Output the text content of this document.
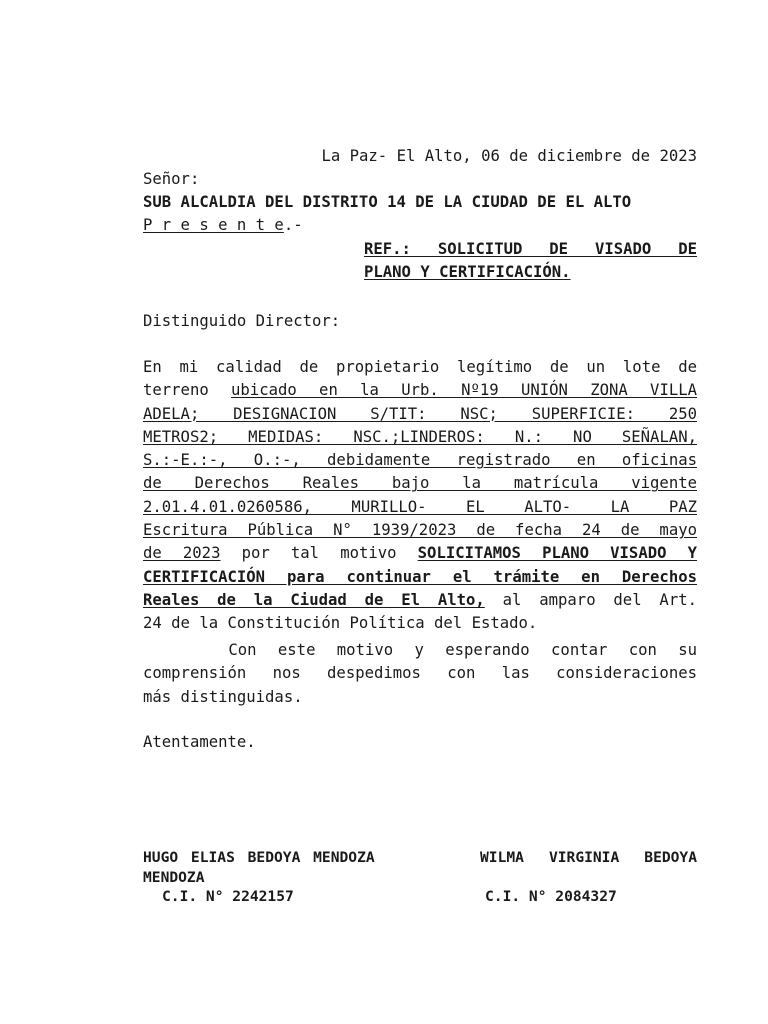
La Paz- El Alto, 06 de diciembre de 2023
Señor:
SUB ALCALDIA DEL DISTRITO 14 DE LA CIUDAD DE EL ALTO
P r e s e n t e.-
REF.: SOLICITUD DE VISADO DE
PLANO Y CERTIFICACIÓN.
Distinguido Director:
En mi calidad de propietario legítimo de un lote de
terreno ubicado en la Urb. Nº19 UNIÓN ZONA VILLA
ADELA; DESIGNACION S/TIT: NSC; SUPERFICIE: 250
METROS2; MEDIDAS: NSC.;LINDEROS: N.: NO SEÑALAN,
S.:-E.:-, O.:-, debidamente registrado en oficinas
de Derechos Reales bajo la matrícula vigente
2.01.4.01.0260586, MURILLO- EL ALTO- LA PAZ
Escritura Pública N° 1939/2023 de fecha 24 de mayo
de 2023 por tal motivo SOLICITAMOS PLANO VISADO Y
CERTIFICACIÓN para continuar el trámite en Derechos
Reales de la Ciudad de El Alto, al amparo del Art.
24 de la Constitución Política del Estado.
Con este motivo y esperando contar con su
comprensión nos despedimos con las consideraciones
más distinguidas.
Atentamente.
HUGO ELIAS BEDOYA MENDOZA
MENDOZA
C.I. N° 2242157
WILMA VIRGINIA BEDOYA
C.I. N° 2084327
